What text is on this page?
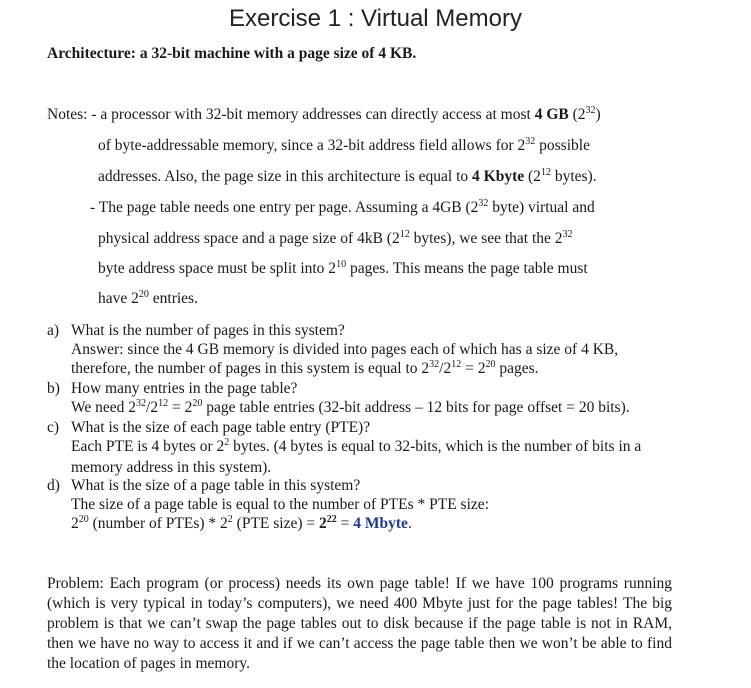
Exercise 1 : Virtual Memory
Architecture: a 32-bit machine with a page size of 4 KB.
Notes: - a processor with 32-bit memory addresses can directly access at most 4 GB $(2^{32})$
of byte-addressable memory, since a 32-bit address field allows for $2^{32}$ possible
addresses. Also, the page size in this architecture is equal to 4 Kbyte ($2^{12}$ bytes).
- The page table needs one entry per page. Assuming a 4GB ($2^{32}$ byte) virtual and
physical address space and a page size of 4kB ($2^{12}$ bytes), we see that the $2^{32}$
byte address space must be split into $2^{10}$ pages. This means the page table must
have $2^{20}$ entries.
a) What is the number of pages in this system?
Answer: since the 4 GB memory is divided into pages each of which has a size of 4 KB,
therefore, the number of pages in this system is equal to $2^{32}/2^{12} = 2^{20}$ pages.
b) How many entries in the page table?
We need $2^{32}/2^{12} = 2^{20}$ page table entries (32-bit address – 12 bits for page offset = 20 bits).
c) What is the size of each page table entry (PTE)?
Each PTE is 4 bytes or $2^2$ bytes. (4 bytes is equal to 32-bits, which is the number of bits in a
memory address in this system).
d) What is the size of a page table in this system?
The size of a page table is equal to the number of PTEs * PTE size:
$2^{20}$ (number of PTEs) * $2^2$ (PTE size) = $2^{22} = 4$ Mbyte.
Problem: Each program (or process) needs its own page table! If we have 100 programs running (which is very typical in today’s computers), we need 400 Mbyte just for the page tables! The big problem is that we can’t swap the page tables out to disk because if the page table is not in RAM, then we have no way to access it and if we can’t access the page table then we won’t be able to find the location of pages in memory.
